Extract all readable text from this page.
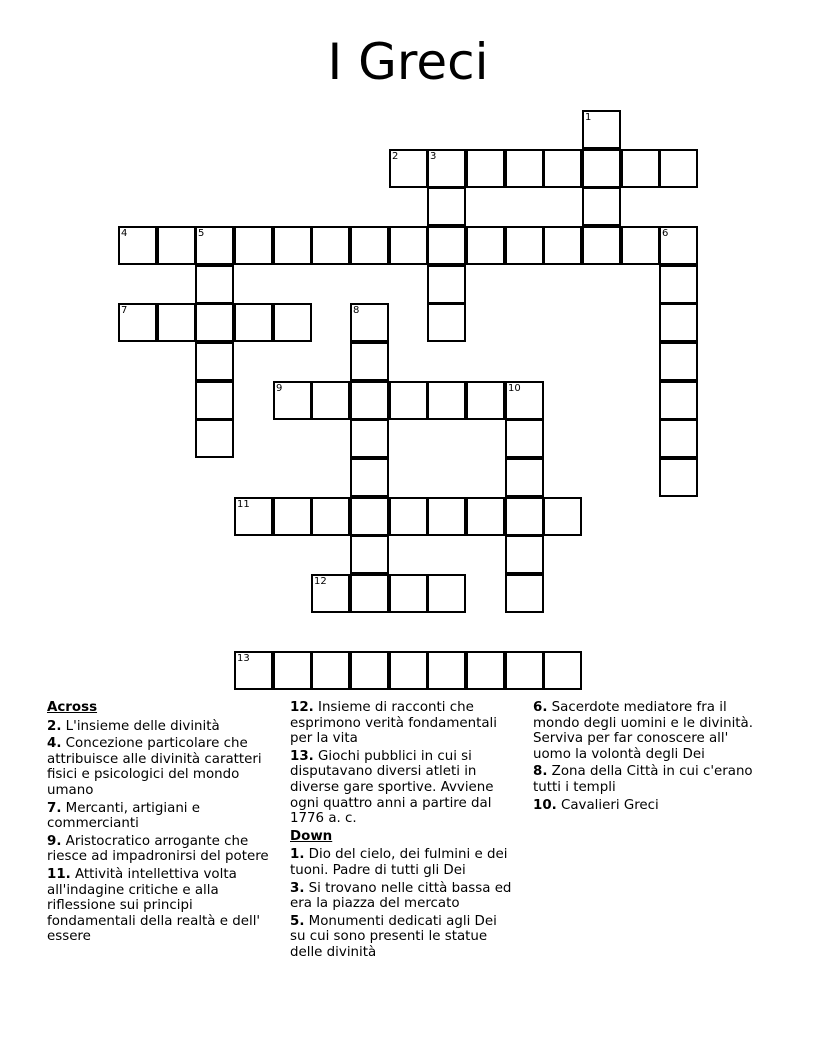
I Greci
2	3
4	5	6
7
9	10
11
12
13
1
8
Across
2. L'insieme delle divinità
4. Concezione particolare che attribuisce alle divinità caratteri fisici e psicologici del mondo umano
7. Mercanti, artigiani e commercianti
9. Aristocratico arrogante che riesce ad impadronirsi del potere
11. Attività intellettiva volta all'indagine critiche e alla riflessione sui principi fondamentali della realtà e dell' essere
12. Insieme di racconti che esprimono verità fondamentali per la vita
13. Giochi pubblici in cui si disputavano diversi atleti in diverse gare sportive. Avviene ogni quattro anni a partire dal 1776 a. c.
Down
1. Dio del cielo, dei fulmini e dei tuoni. Padre di tutti gli Dei
3. Si trovano nelle città bassa ed era la piazza del mercato
5. Monumenti dedicati agli Dei su cui sono presenti le statue delle divinità
6. Sacerdote mediatore fra il mondo degli uomini e le divinità. Serviva per far conoscere all' uomo la volontà degli Dei
8. Zona della Città in cui c'erano tutti i templi
10. Cavalieri Greci
